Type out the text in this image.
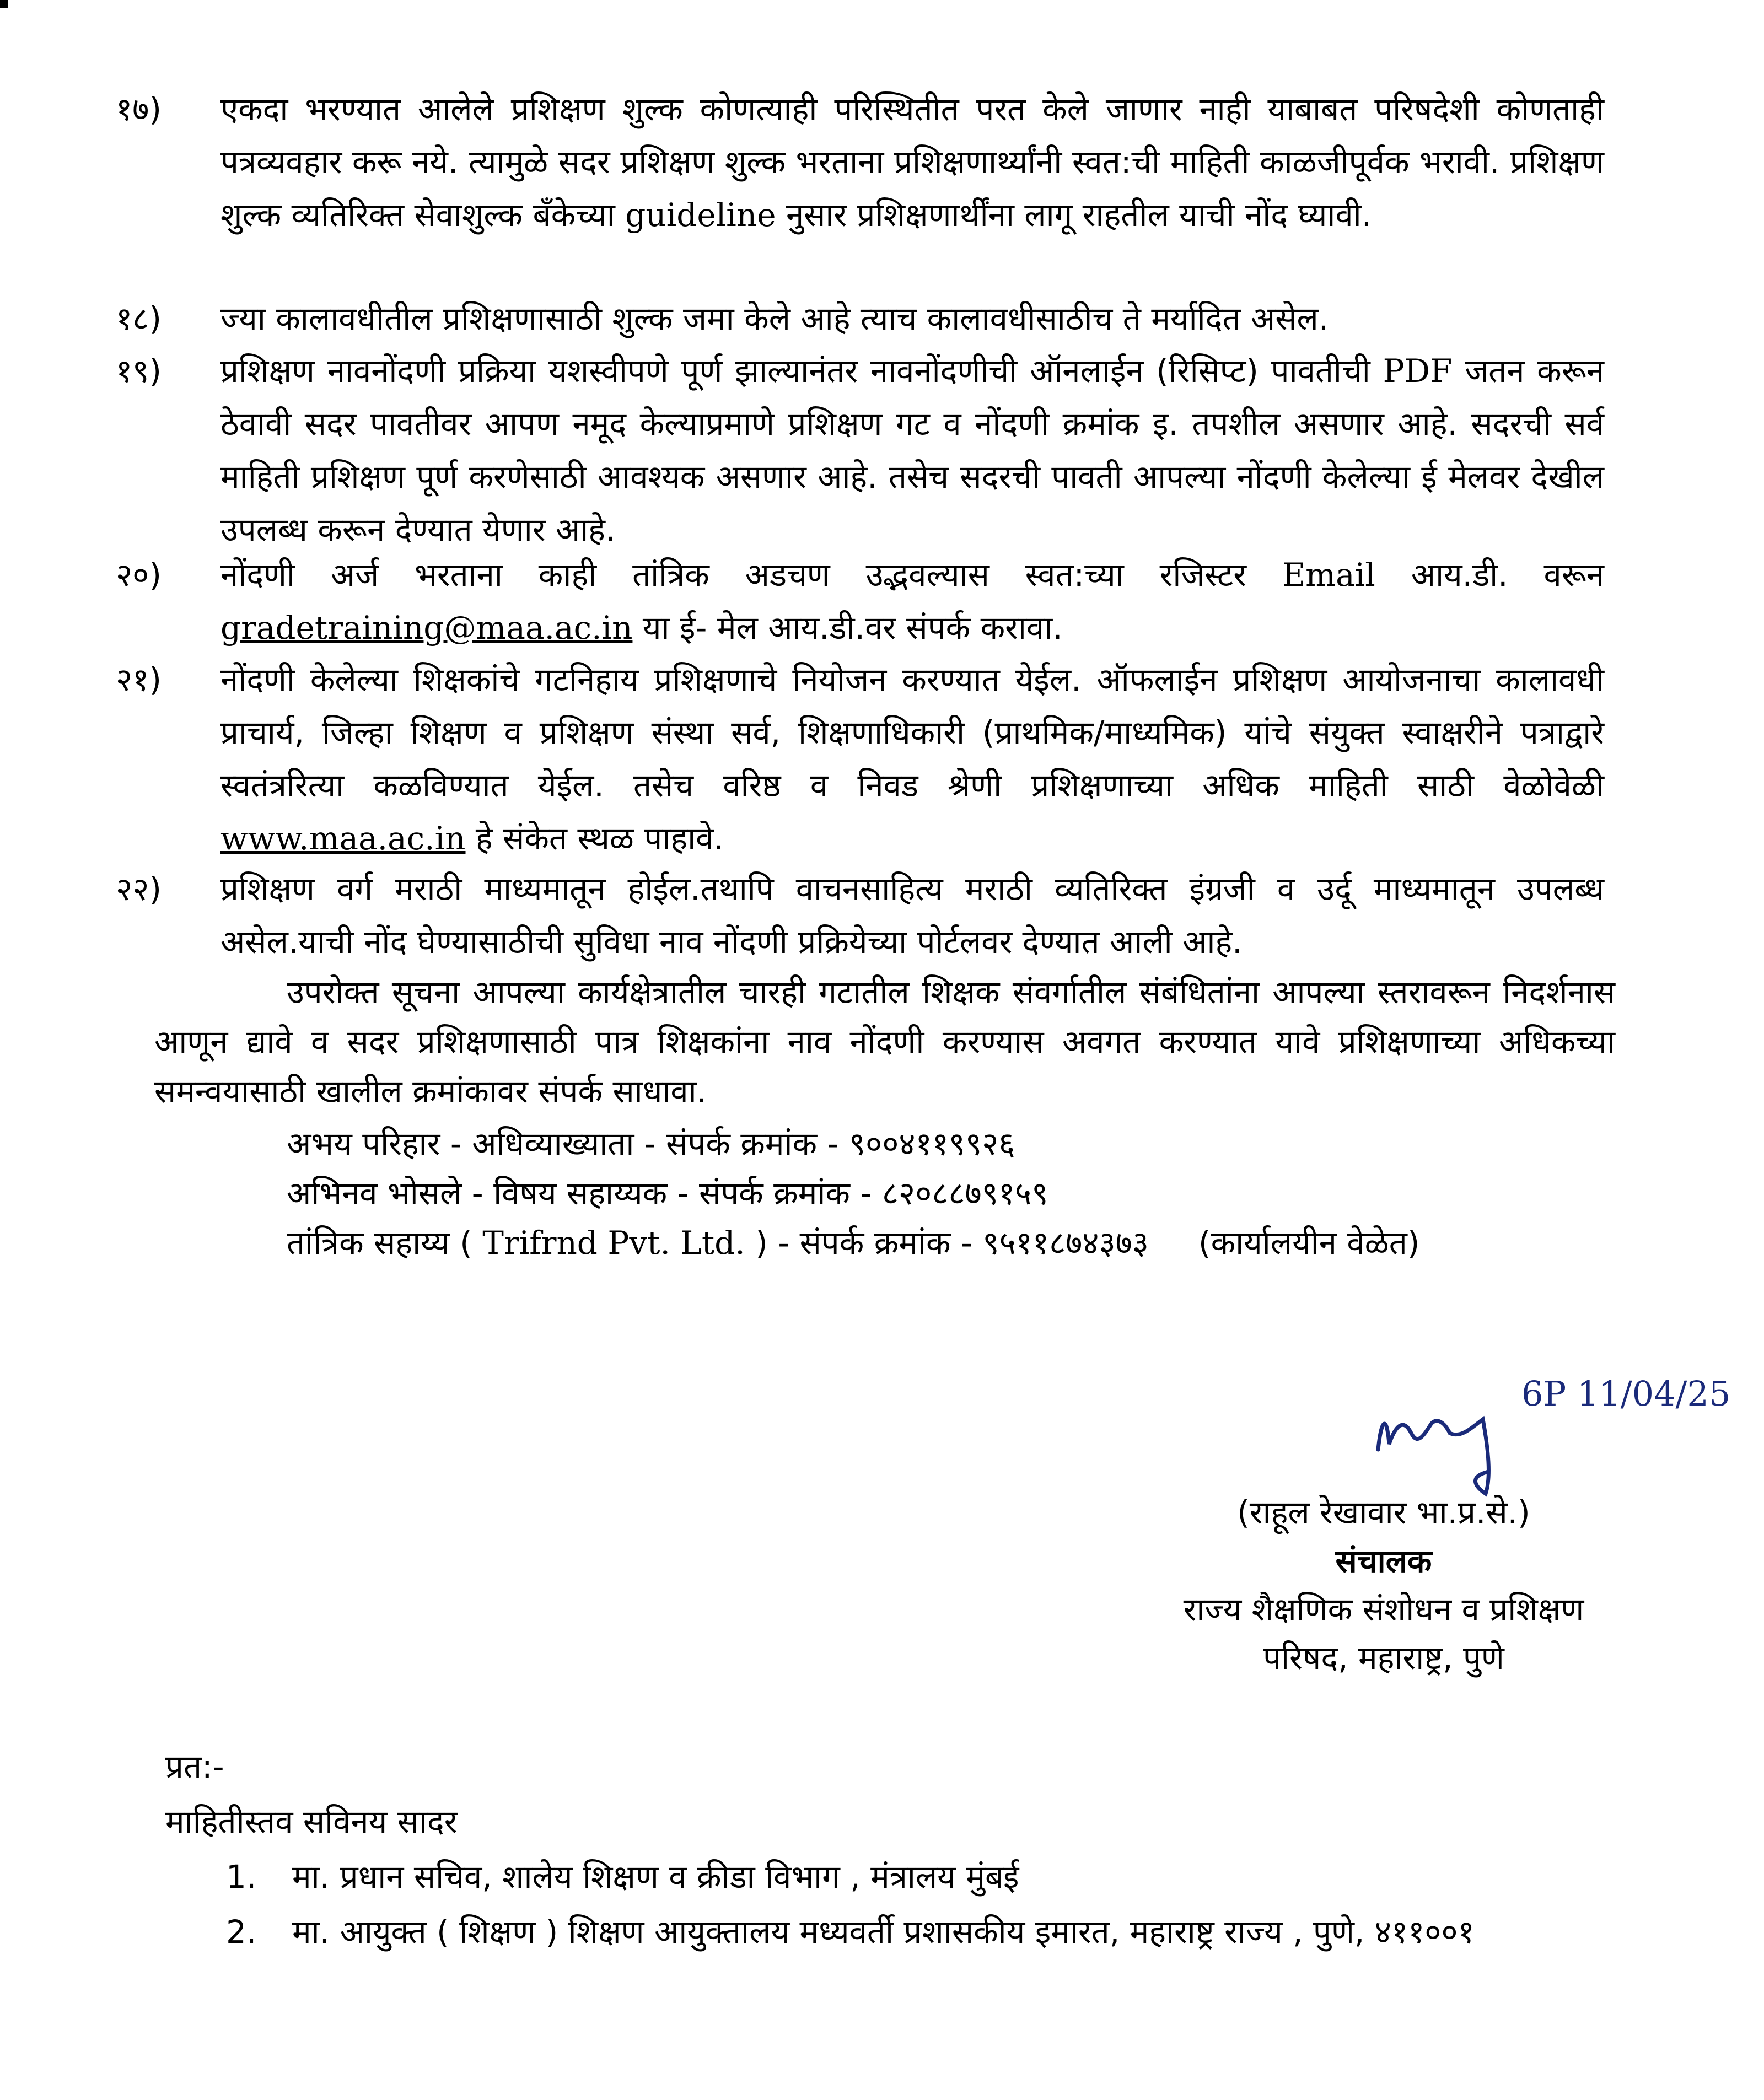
१७) एकदा भरण्यात आलेले प्रशिक्षण शुल्क कोणत्याही परिस्थितीत परत केले जाणार नाही याबाबत परिषदेशी कोणताही पत्रव्यवहार करू नये. त्यामुळे सदर प्रशिक्षण शुल्क भरताना प्रशिक्षणार्थ्यांनी स्वत:ची माहिती काळजीपूर्वक भरावी. प्रशिक्षण शुल्क व्यतिरिक्त सेवाशुल्क बँकेच्या guideline नुसार प्रशिक्षणार्थींना लागू राहतील याची नोंद घ्यावी.
१८) ज्या कालावधीतील प्रशिक्षणासाठी शुल्क जमा केले आहे त्याच कालावधीसाठीच ते मर्यादित असेल.
१९) प्रशिक्षण नावनोंदणी प्रक्रिया यशस्वीपणे पूर्ण झाल्यानंतर नावनोंदणीची ऑनलाईन (रिसिप्ट) पावतीची PDF जतन करून ठेवावी सदर पावतीवर आपण नमूद केल्याप्रमाणे प्रशिक्षण गट व नोंदणी क्रमांक इ. तपशील असणार आहे. सदरची सर्व माहिती प्रशिक्षण पूर्ण करणेसाठी आवश्यक असणार आहे. तसेच सदरची पावती आपल्या नोंदणी केलेल्या ई मेलवर देखील उपलब्ध करून देण्यात येणार आहे.
२०) नोंदणी अर्ज भरताना काही तांत्रिक अडचण उद्भवल्यास स्वत:च्या रजिस्टर Email आय.डी. वरून gradetraining@maa.ac.in या ई- मेल आय.डी.वर संपर्क करावा.
२१) नोंदणी केलेल्या शिक्षकांचे गटनिहाय प्रशिक्षणाचे नियोजन करण्यात येईल. ऑफलाईन प्रशिक्षण आयोजनाचा कालावधी प्राचार्य, जिल्हा शिक्षण व प्रशिक्षण संस्था सर्व, शिक्षणाधिकारी (प्राथमिक/माध्यमिक) यांचे संयुक्त स्वाक्षरीने पत्राद्वारे स्वतंत्ररित्या कळविण्यात येईल. तसेच वरिष्ठ व निवड श्रेणी प्रशिक्षणाच्या अधिक माहिती साठी वेळोवेळी www.maa.ac.in हे संकेत स्थळ पाहावे.
२२) प्रशिक्षण वर्ग मराठी माध्यमातून होईल.तथापि वाचनसाहित्य मराठी व्यतिरिक्त इंग्रजी व उर्दू माध्यमातून उपलब्ध असेल.याची नोंद घेण्यासाठीची सुविधा नाव नोंदणी प्रक्रियेच्या पोर्टलवर देण्यात आली आहे.
उपरोक्त सूचना आपल्या कार्यक्षेत्रातील चारही गटातील शिक्षक संवर्गातील संबंधितांना आपल्या स्तरावरून निदर्शनास आणून द्यावे व सदर प्रशिक्षणासाठी पात्र शिक्षकांना नाव नोंदणी करण्यास अवगत करण्यात यावे प्रशिक्षणाच्या अधिकच्या समन्वयासाठी खालील क्रमांकावर संपर्क साधावा.
अभय परिहार - अधिव्याख्याता - संपर्क क्रमांक - ९००४११९९२६
अभिनव भोसले - विषय सहाय्यक - संपर्क क्रमांक - ८२०८८७९१५९
तांत्रिक सहाय्य ( Trifrnd Pvt. Ltd. ) - संपर्क क्रमांक - ९५११८७४३७३ (कार्यालयीन वेळेत)
6P 11/04/25
(राहूल रेखावार भा.प्र.से.)
संचालक
राज्य शैक्षणिक संशोधन व प्रशिक्षण
परिषद, महाराष्ट्र, पुणे
प्रत:-
माहितीस्तव सविनय सादर
1. मा. प्रधान सचिव, शालेय शिक्षण व क्रीडा विभाग , मंत्रालय मुंबई
2. मा. आयुक्त ( शिक्षण ) शिक्षण आयुक्तालय मध्यवर्ती प्रशासकीय इमारत, महाराष्ट्र राज्य , पुणे, ४११००१
